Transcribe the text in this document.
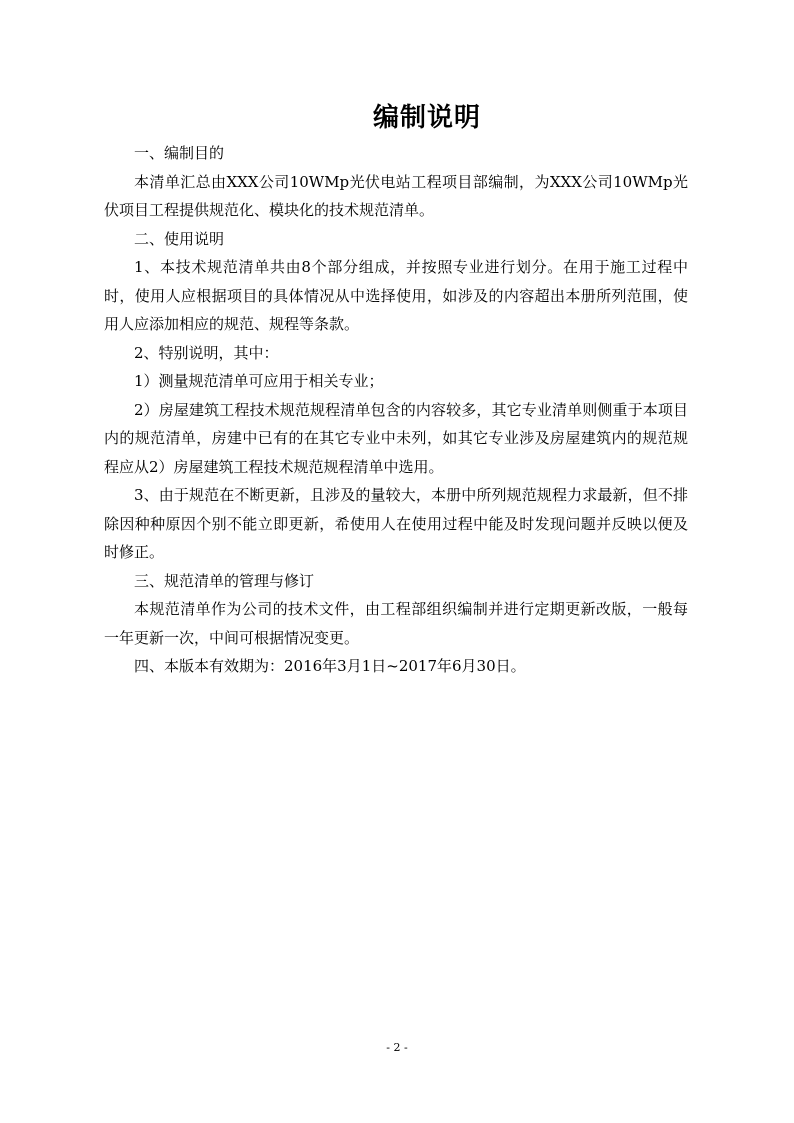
编制说明

一、编制目的

本清单汇总由XXX公司10WMp光伏电站工程项目部编制，为XXX公司10WMp光伏项目工程提供规范化、模块化的技术规范清单。

二、使用说明

1、本技术规范清单共由8个部分组成，并按照专业进行划分。在用于施工过程中时，使用人应根据项目的具体情况从中选择使用，如涉及的内容超出本册所列范围，使用人应添加相应的规范、规程等条款。

2、特别说明，其中：

1）测量规范清单可应用于相关专业；

2）房屋建筑工程技术规范规程清单包含的内容较多，其它专业清单则侧重于本项目内的规范清单，房建中已有的在其它专业中未列，如其它专业涉及房屋建筑内的规范规程应从2）房屋建筑工程技术规范规程清单中选用。

3、由于规范在不断更新，且涉及的量较大，本册中所列规范规程力求最新，但不排除因种种原因个别不能立即更新，希使用人在使用过程中能及时发现问题并反映以便及时修正。

三、规范清单的管理与修订

本规范清单作为公司的技术文件，由工程部组织编制并进行定期更新改版，一般每一年更新一次，中间可根据情况变更。

四、本版本有效期为：2016年3月1日~2017年6月30日。

- 2 -
